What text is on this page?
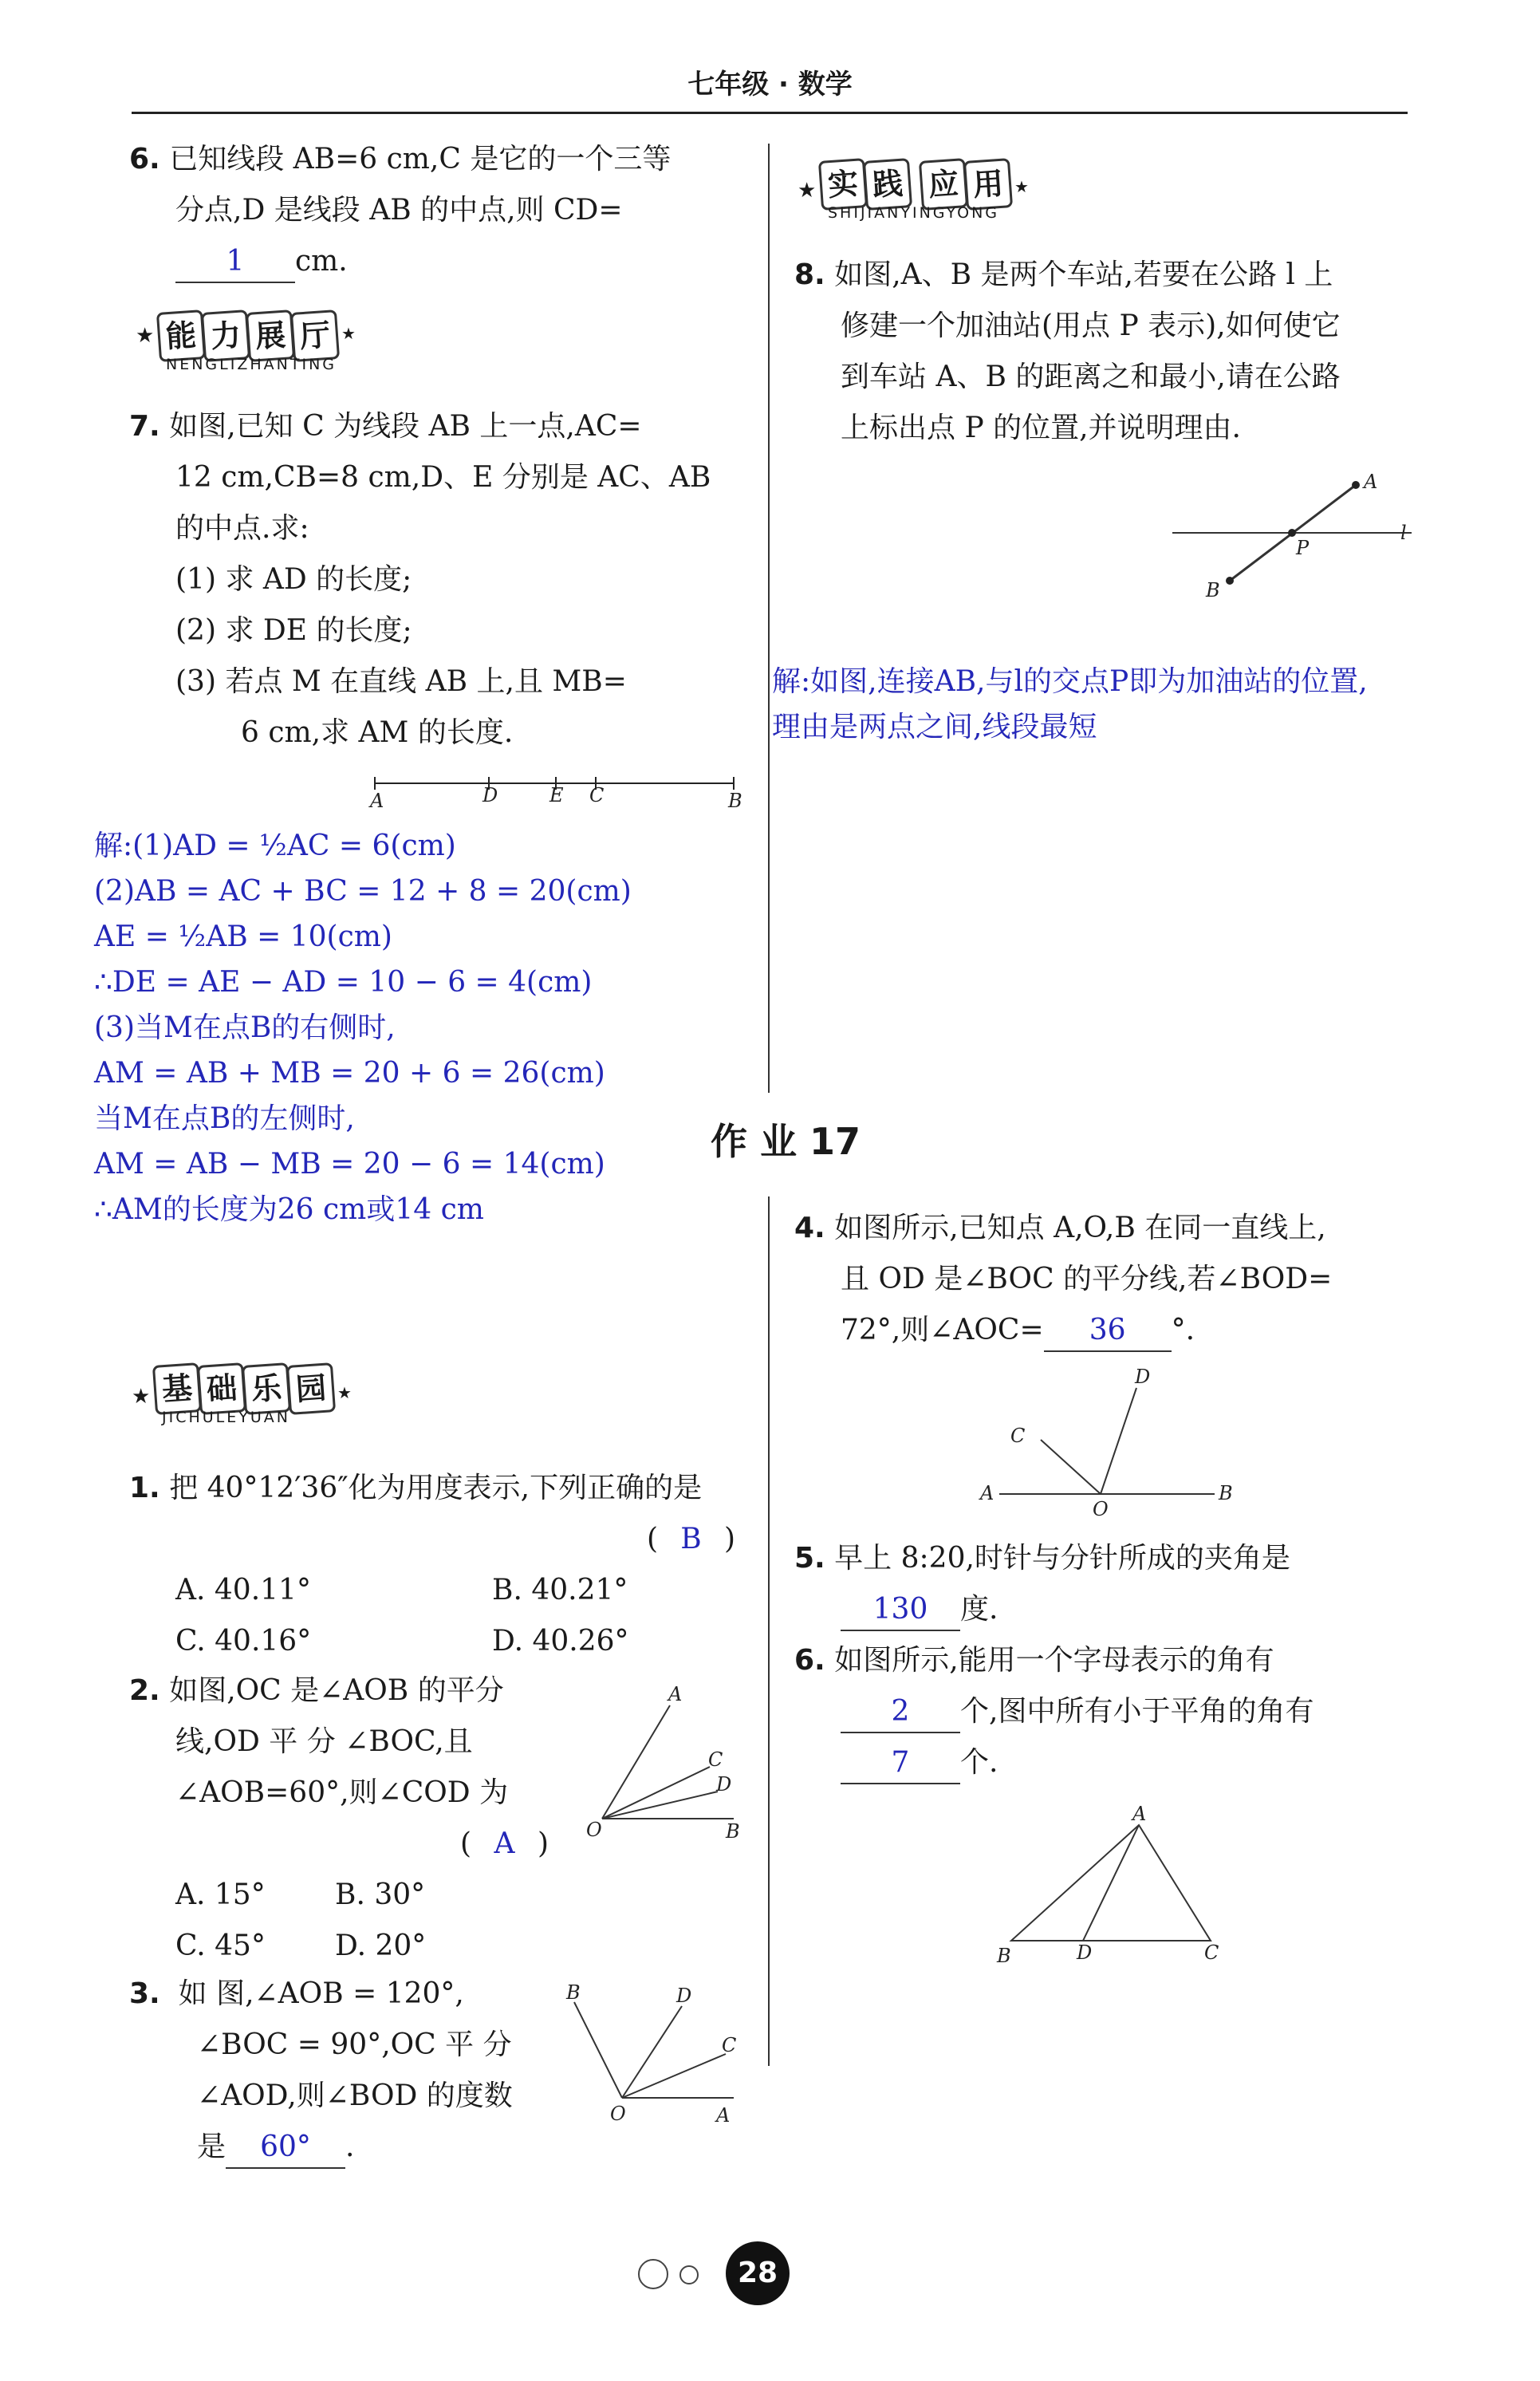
七年级 · 数学
6. 已知线段 AB=6 cm,C 是它的一个三等
分点,D 是线段 AB 的中点,则 CD=
1 cm.
★ 能 力 展 厅
NENGLIZHANTING
★
7. 如图,已知 C 为线段 AB 上一点,AC=
12 cm,CB=8 cm,D、E 分别是 AC、AB
的中点.求:
(1) 求 AD 的长度;
(2) 求 DE 的长度;
(3) 若点 M 在直线 AB 上,且 MB=
6 cm,求 AM 的长度.
A	D	E C	B
解:(1)AD = ½AC = 6(cm)
(2)AB = AC + BC = 12 + 8 = 20(cm)
AE = ½AB = 10(cm)
∴DE = AE − AD = 10 − 6 = 4(cm)
(3)当M在点B的右侧时,
AM = AB + MB = 20 + 6 = 26(cm)
当M在点B的左侧时,
AM = AB − MB = 20 − 6 = 14(cm)
∴AM的长度为26 cm或14 cm
★ 实 践 应 用
SHIJIANYINGYONG
★
8. 如图,A、B 是两个车站,若要在公路 l 上
修建一个加油站(用点 P 表示),如何使它
到车站 A、B 的距离之和最小,请在公路
上标出点 P 的位置,并说明理由.
A
P
l
B
解:如图,连接AB,与l的交点P即为加油站的位置,
理由是两点之间,线段最短
作 业 17
★ 基 础 乐 园
JICHULEYUAN
★
1. 把 40°12′36″化为用度表示,下列正确的是
( B )
A. 40.11°	B. 40.21°
C. 40.16°	D. 40.26°
2. 如图,OC 是∠AOB 的平分
线,OD 平 分 ∠BOC,且
∠AOB=60°,则∠COD 为
( A )
A. 15° B. 30°
C. 45° D. 20°
A
C
D
O	B
3. 如 图,∠AOB = 120°,
∠BOC = 90°,OC 平 分
∠AOD,则∠BOD 的度数
是 60° .
B	D
C
O	A
4. 如图所示,已知点 A,O,B 在同一直线上,
且 OD 是∠BOC 的平分线,若∠BOD=
72°,则∠AOC= 36 °.
D
C
A
O
B
5. 早上 8:20,时针与分针所成的夹角是
130 度.
6. 如图所示,能用一个字母表示的角有
2 个,图中所有小于平角的角有
7 个.
A
B	D	C
28
